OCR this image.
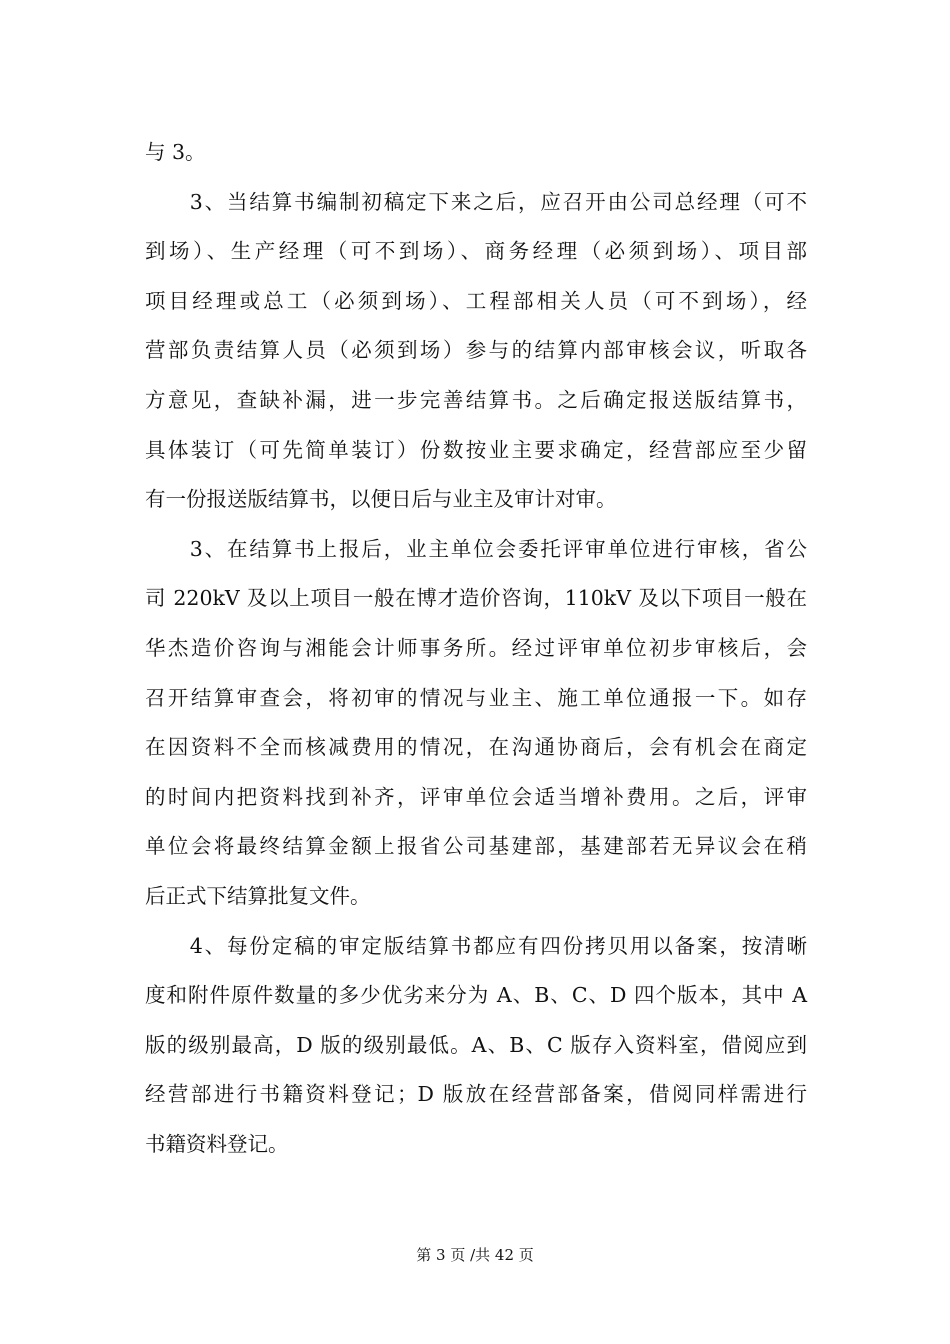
与 3。
　　3、当结算书编制初稿定下来之后，应召开由公司总经理（可不
到场）、生产经理（可不到场）、商务经理（必须到场）、项目部
项目经理或总工（必须到场）、工程部相关人员（可不到场），经
营部负责结算人员（必须到场）参与的结算内部审核会议，听取各
方意见，查缺补漏，进一步完善结算书。之后确定报送版结算书，
具体装订（可先简单装订）份数按业主要求确定，经营部应至少留
有一份报送版结算书，以便日后与业主及审计对审。
　　3、在结算书上报后，业主单位会委托评审单位进行审核，省公
司 220kV 及以上项目一般在博才造价咨询，110kV 及以下项目一般在
华杰造价咨询与湘能会计师事务所。经过评审单位初步审核后，会
召开结算审查会，将初审的情况与业主、施工单位通报一下。如存
在因资料不全而核减费用的情况，在沟通协商后，会有机会在商定
的时间内把资料找到补齐，评审单位会适当增补费用。之后，评审
单位会将最终结算金额上报省公司基建部，基建部若无异议会在稍
后正式下结算批复文件。
　　4、每份定稿的审定版结算书都应有四份拷贝用以备案，按清晰
度和附件原件数量的多少优劣来分为 A、B、C、D 四个版本，其中 A
版的级别最高，D 版的级别最低。A、B、C 版存入资料室，借阅应到
经营部进行书籍资料登记；D 版放在经营部备案，借阅同样需进行
书籍资料登记。
第 3 页 /共 42 页
